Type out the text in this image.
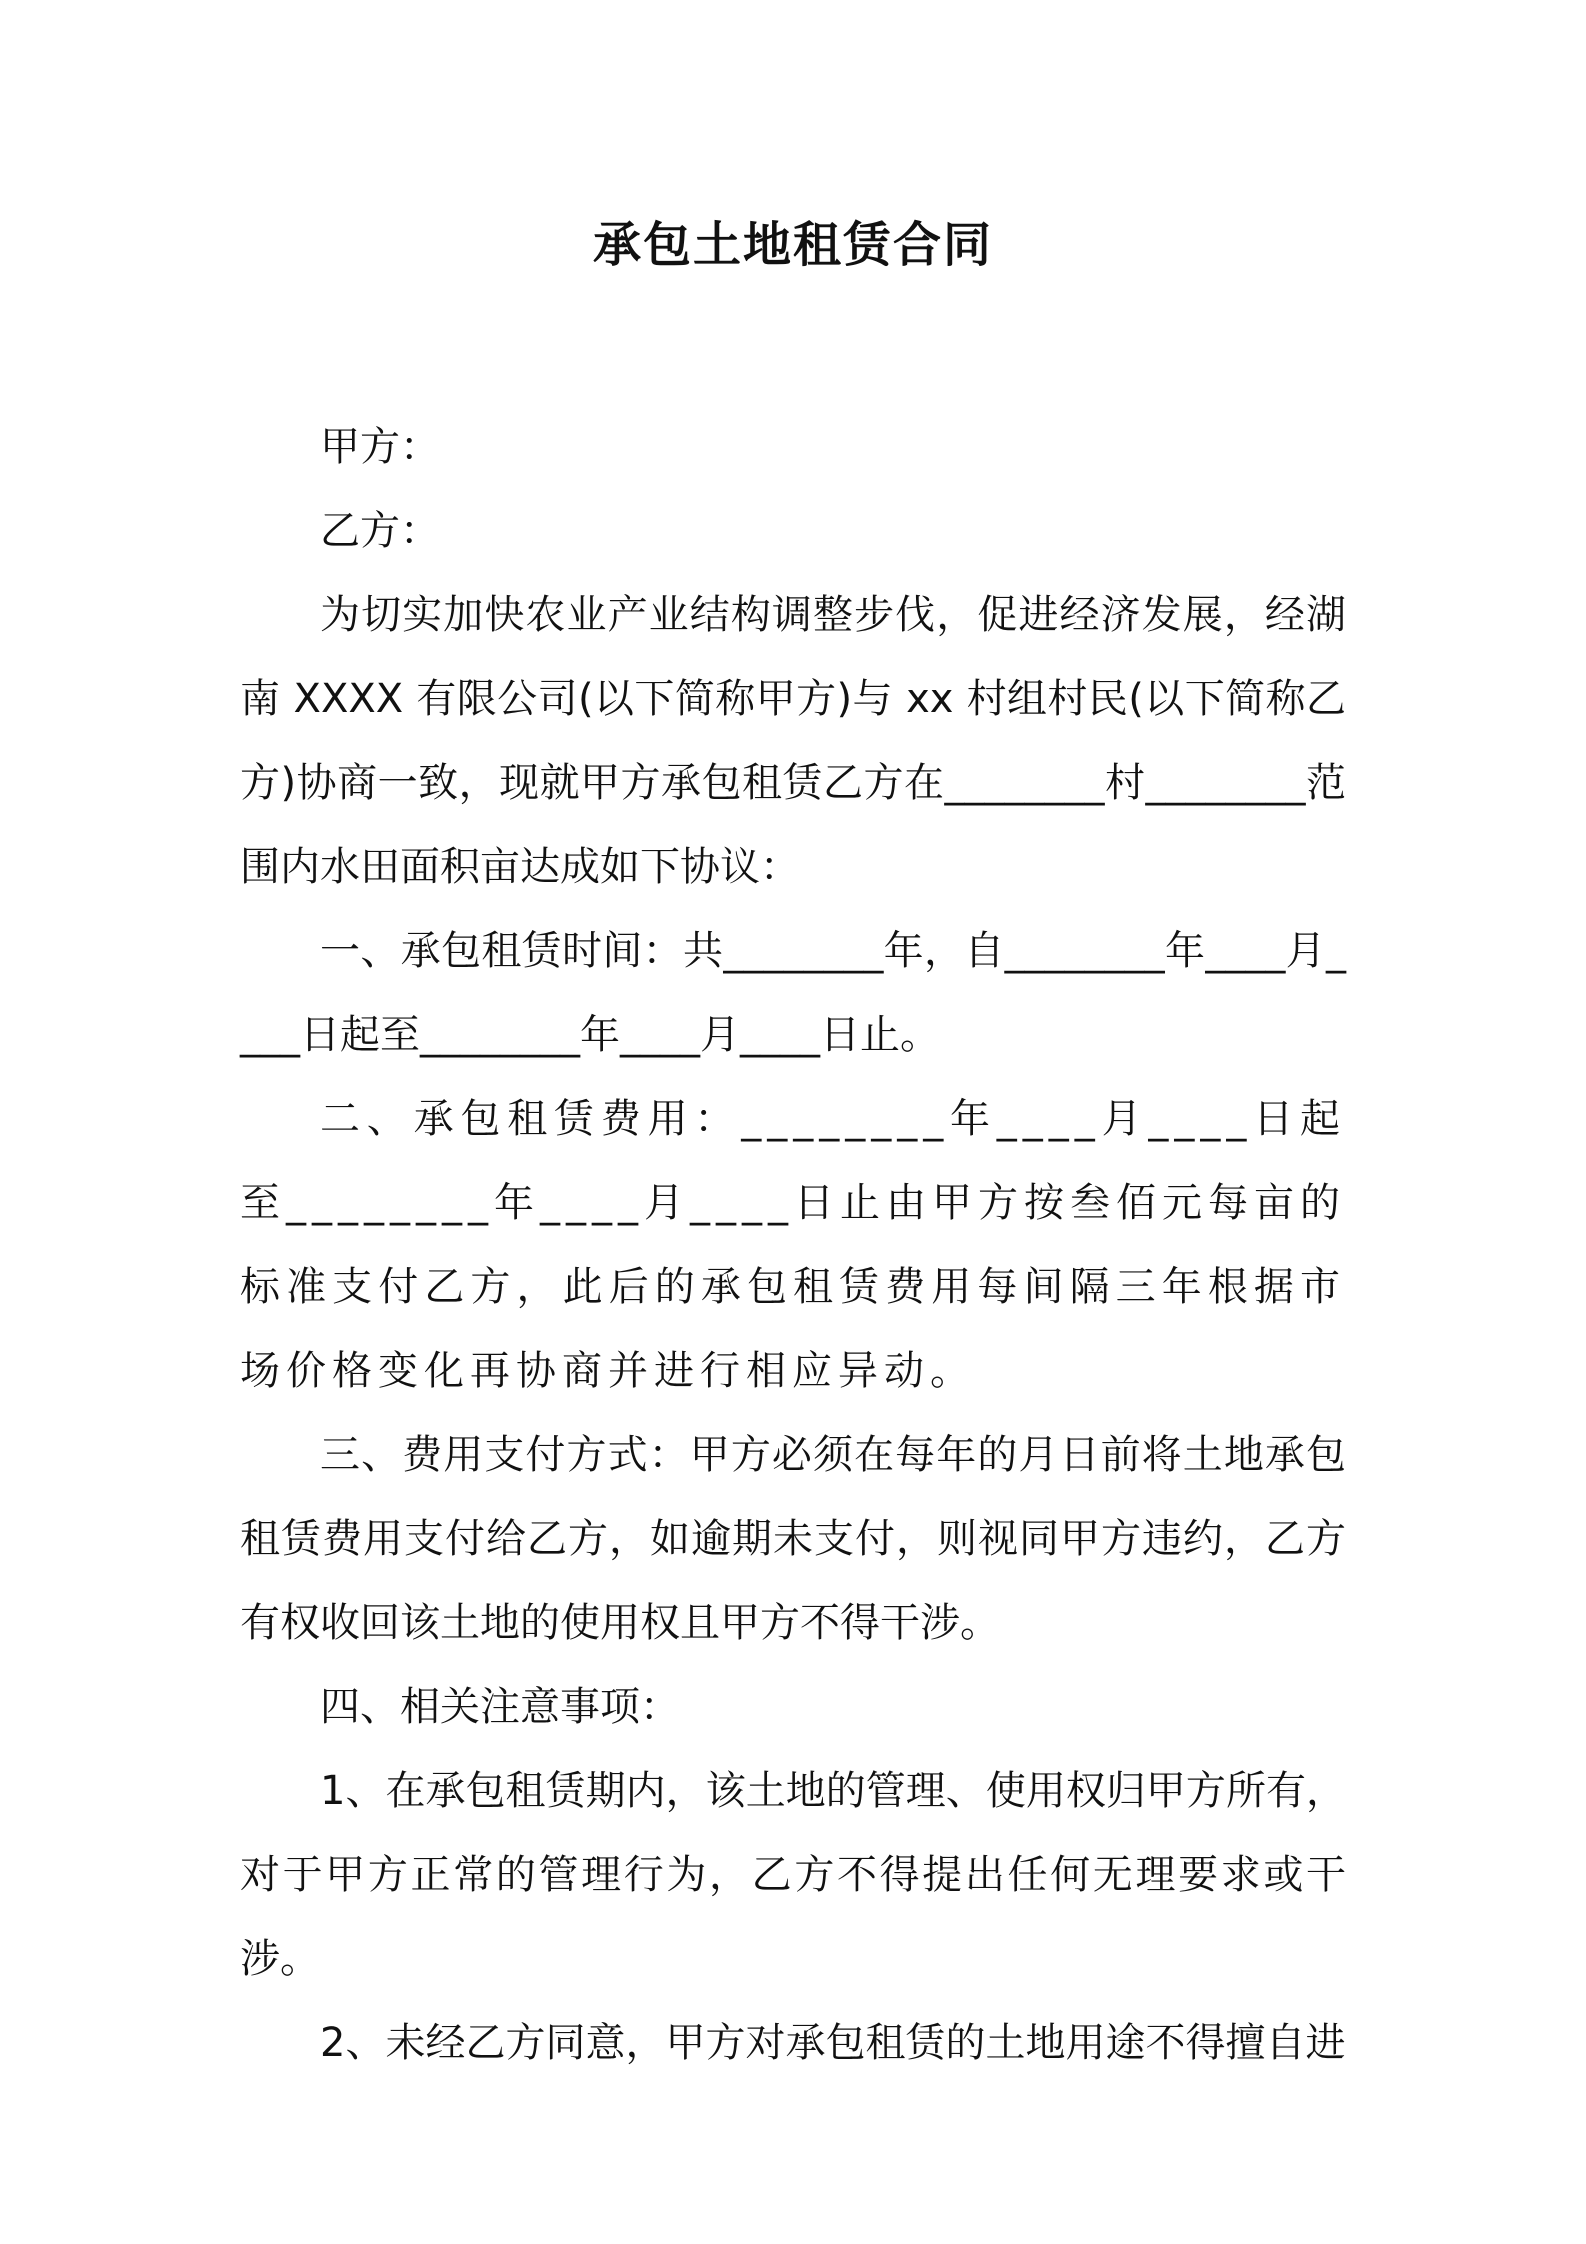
承包土地租赁合同

甲方：

乙方：

为切实加快农业产业结构调整步伐，促进经济发展，经湖南 XXXX 有限公司(以下简称甲方)与 xx 村组村民(以下简称乙方)协商一致，现就甲方承包租赁乙方在________村________范围内水田面积亩达成如下协议：

一、承包租赁时间：共________年，自________年____月____日起至________年____月____日止。

二、承包租赁费用：________年____月____日起至________年____月____日止由甲方按叁佰元每亩的标准支付乙方，此后的承包租赁费用每间隔三年根据市场价格变化再协商并进行相应异动。

三、费用支付方式：甲方必须在每年的月日前将土地承包租赁费用支付给乙方，如逾期未支付，则视同甲方违约，乙方有权收回该土地的使用权且甲方不得干涉。

四、相关注意事项：

1、在承包租赁期内，该土地的管理、使用权归甲方所有，对于甲方正常的管理行为，乙方不得提出任何无理要求或干涉。

2、未经乙方同意，甲方对承包租赁的土地用途不得擅自进
